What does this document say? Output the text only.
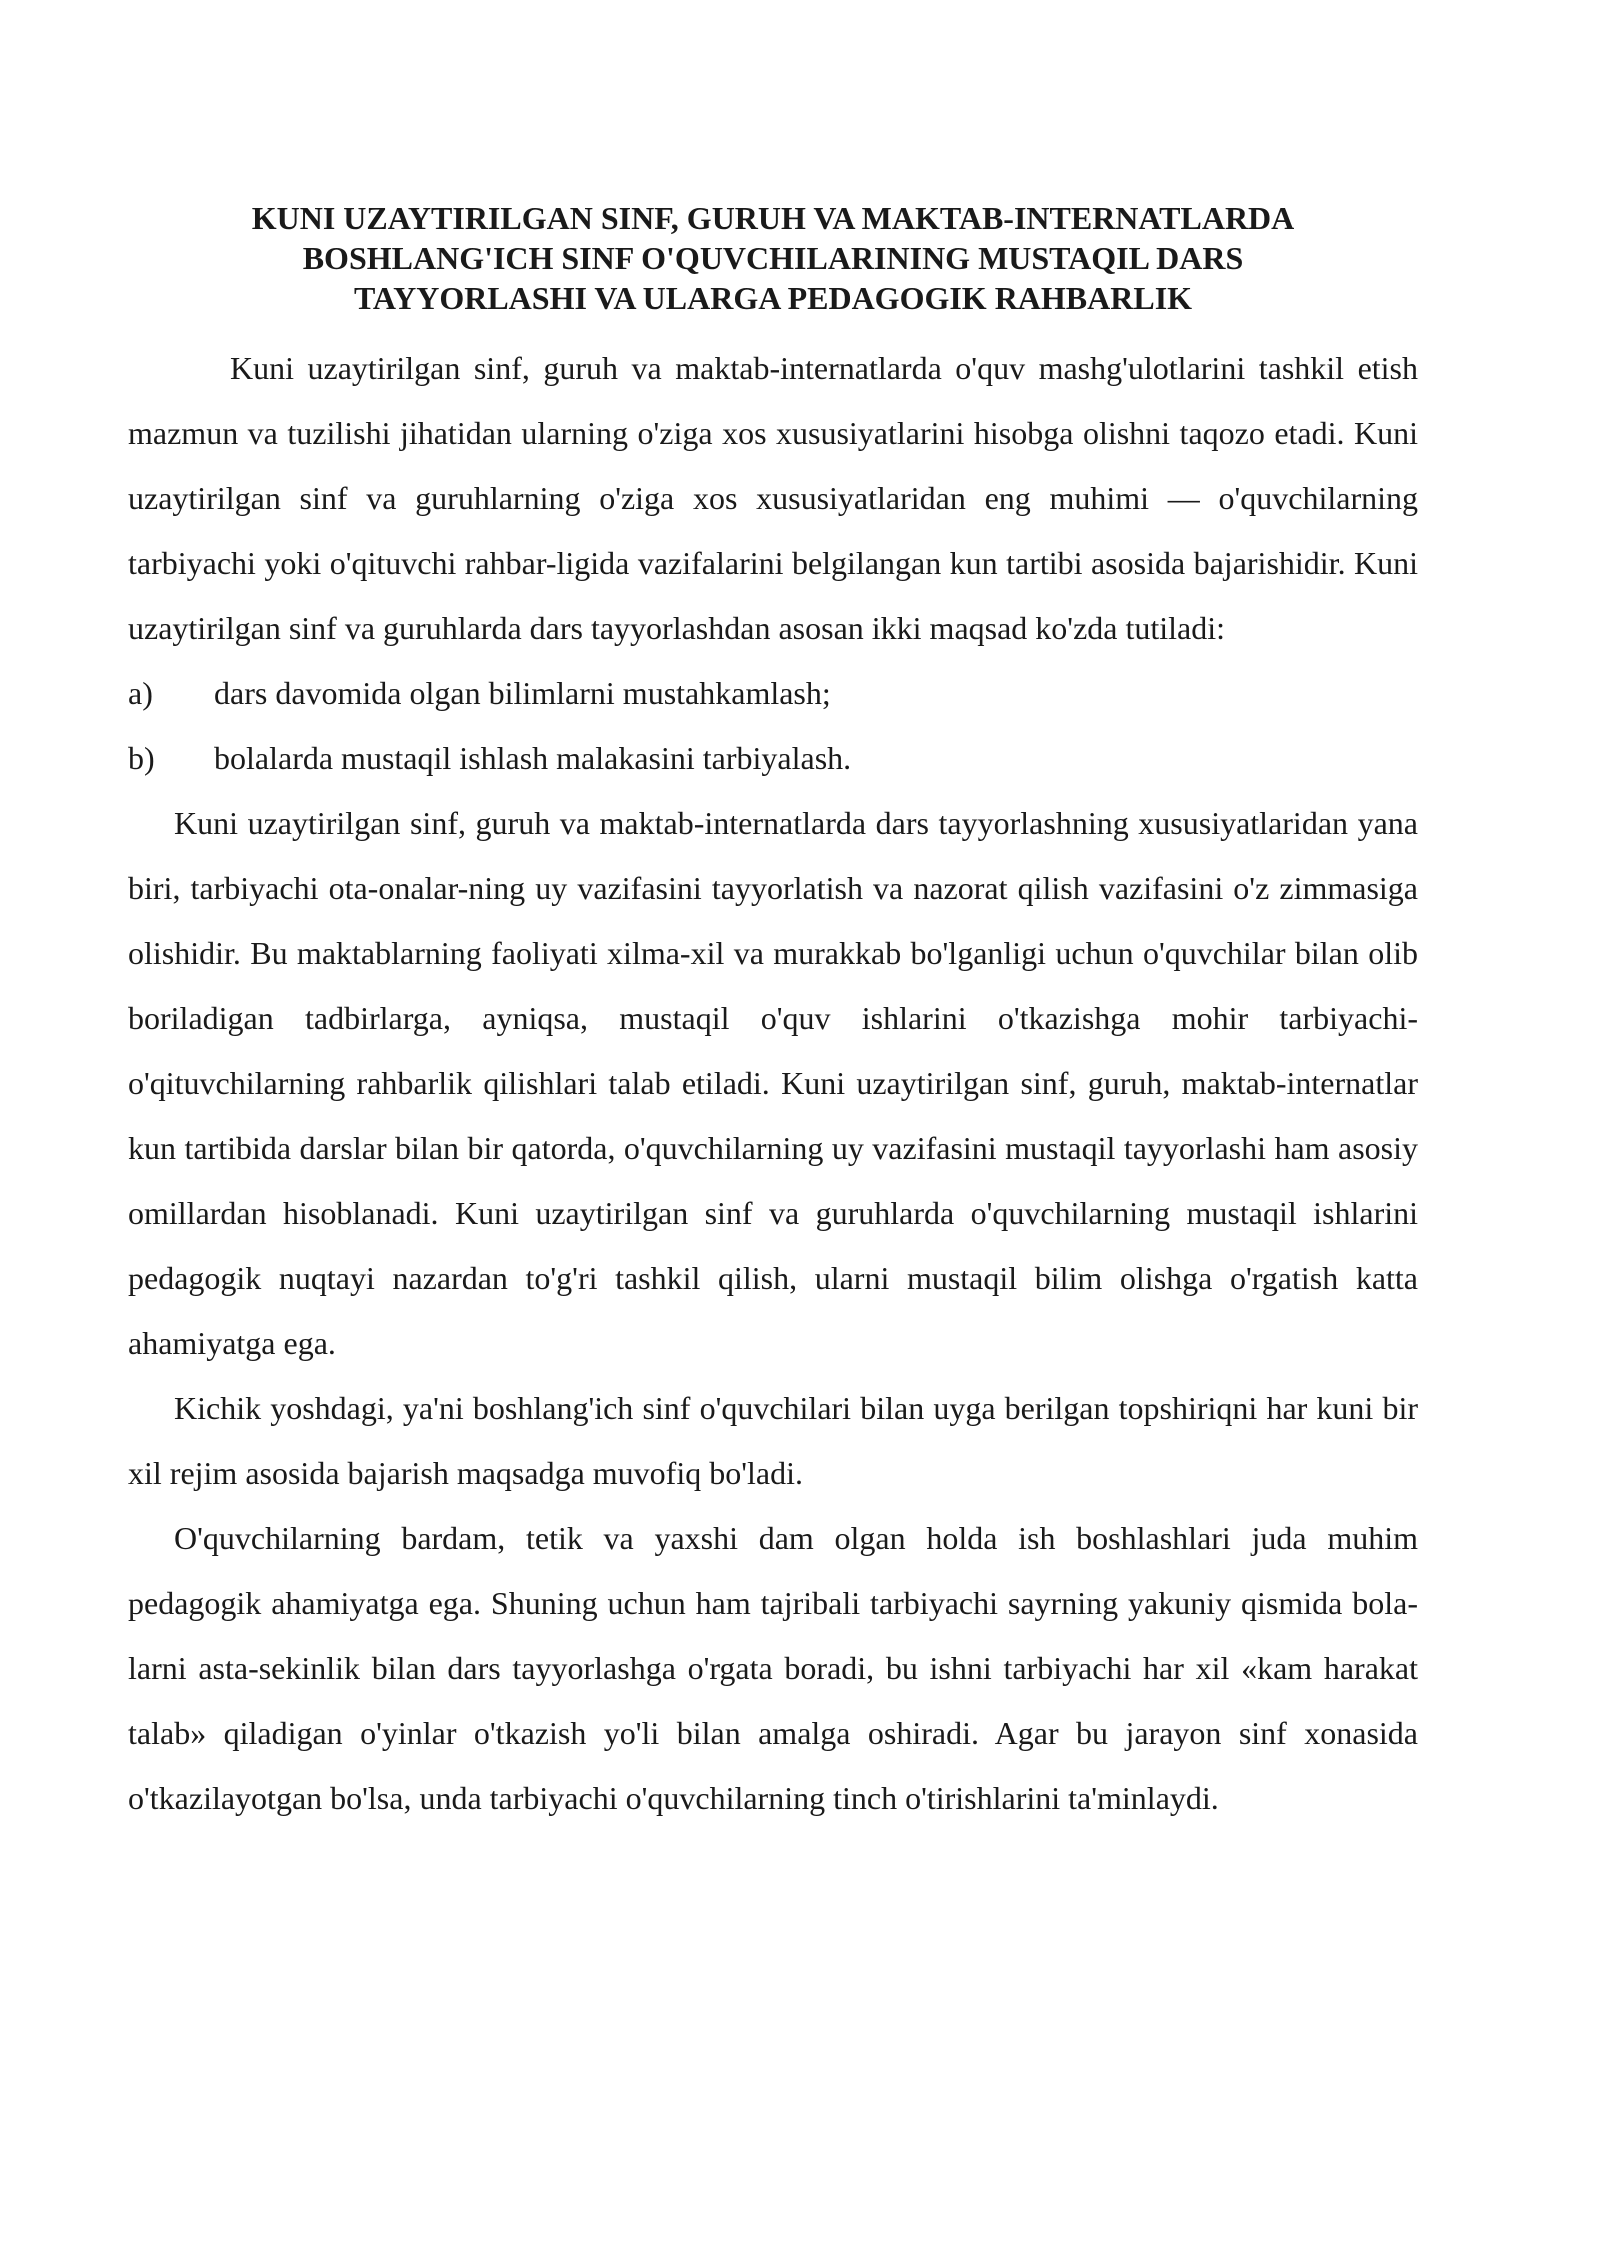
KUNI UZAYTIRILGAN SINF, GURUH VA MAKTAB-INTERNATLARDA
BOSHLANG'ICH SINF O'QUVCHILARINING MUSTAQIL DARS
TAYYORLASHI VA ULARGA PEDAGOGIK RAHBARLIK

Kuni uzaytirilgan sinf, guruh va maktab-internatlarda o'quv mashg'ulotlarini tashkil etish mazmun va tuzilishi jihatidan ularning o'ziga xos xususiyatlarini hisobga olishni taqozo etadi. Kuni uzaytirilgan sinf va guruhlarning o'ziga xos xususiyatlaridan eng muhimi — o'quvchilarning tarbiyachi yoki o'qituvchi rahbar-ligida vazifalarini belgilangan kun tartibi asosida bajarishidir. Kuni uzaytirilgan sinf va guruhlarda dars tayyorlashdan asosan ikki maqsad ko'zda tutiladi:

a)	dars davomida olgan bilimlarni mustahkamlash;
b)	bolalarda mustaqil ishlash malakasini tarbiyalash.

Kuni uzaytirilgan sinf, guruh va maktab-internatlarda dars tayyorlashning xususiyatlaridan yana biri, tarbiyachi ota-onalar-ning uy vazifasini tayyorlatish va nazorat qilish vazifasini o'z zimmasiga olishidir. Bu maktablarning faoliyati xilma-xil va murakkab bo'lganligi uchun o'quvchilar bilan olib boriladigan tadbirlarga, ayniqsa, mustaqil o'quv ishlarini o'tkazishga mohir tarbiyachi-o'qituvchilarning rahbarlik qilishlari talab etiladi. Kuni uzaytirilgan sinf, guruh, maktab-internatlar kun tartibida darslar bilan bir qatorda, o'quvchilarning uy vazifasini mustaqil tayyorlashi ham asosiy omillardan hisoblanadi. Kuni uzaytirilgan sinf va guruhlarda o'quvchilarning mustaqil ishlarini pedagogik nuqtayi nazardan to'g'ri tashkil qilish, ularni mustaqil bilim olishga o'rgatish katta ahamiyatga ega.

Kichik yoshdagi, ya'ni boshlang'ich sinf o'quvchilari bilan uyga berilgan topshiriqni har kuni bir xil rejim asosida bajarish maqsadga muvofiq bo'ladi.

O'quvchilarning bardam, tetik va yaxshi dam olgan holda ish boshlashlari juda muhim pedagogik ahamiyatga ega. Shuning uchun ham tajribali tarbiyachi sayrning yakuniy qismida bola-larni asta-sekinlik bilan dars tayyorlashga o'rgata boradi, bu ishni tarbiyachi har xil «kam harakat talab» qiladigan o'yinlar o'tkazish yo'li bilan amalga oshiradi. Agar bu jarayon sinf xonasida o'tkazilayotgan bo'lsa, unda tarbiyachi o'quvchilarning tinch o'tirishlarini ta'minlaydi.
